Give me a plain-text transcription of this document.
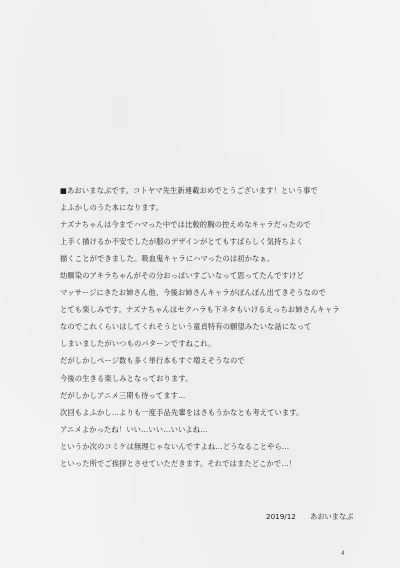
■あおいまなぶです。コトヤマ先生新連載おめでとうございます！という事で
よふかしのうた本になります。
ナズナちゃんは今までハマった中では比較的胸の控えめなキャラだったので
上手く描けるか不安でしたが服のデザインがとてもすばらしく気持ちよく
描くことができました。吸血鬼キャラにハマったのは初かなぁ。
幼馴染のアキラちゃんがその分おっぱいすごいなって思ってたんですけど
マッサージにきたお姉さん他、今後お姉さんキャラがぽんぽん出てきそうなので
とても楽しみです。ナズナちゃんはセクハラも下ネタもいけるえっちお姉さんキャラ
なのでこれくらいはしてくれそうという童貞特有の願望みたいな話になって
しまいましたがいつものパターンですねこれ。
だがしかしページ数も多く単行本もすぐ増えそうなので
今後の生きる楽しみとなっております。
だがしかしアニメ三期も待ってます…
次回もよふかし…よりも一度手品先輩をはさもうかなとも考えています。
アニメよかったね！いい…いい…いいよね…
というか次のコミケは無理じゃないんですよね…どうなることやら…
といった所でご挨拶とさせていただきます。それではまたどこかで…！
2019/12 あおいまなぶ
4
